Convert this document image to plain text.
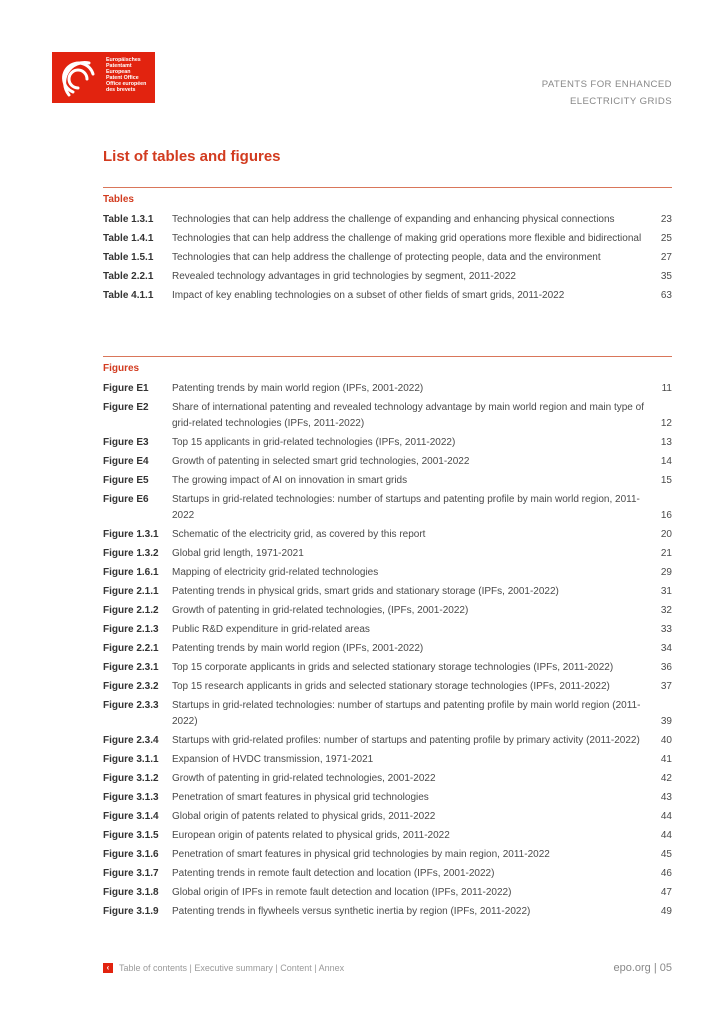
Europäisches
Patentamt
European
Patent Office
Office européen
des brevets
PATENTS FOR ENHANCED
ELECTRICITY GRIDS
List of tables and figures
Tables
Table 1.3.1	Technologies that can help address the challenge of expanding and enhancing physical connections	23
Table 1.4.1	Technologies that can help address the challenge of making grid operations more flexible and bidirectional	25
Table 1.5.1	Technologies that can help address the challenge of protecting people, data and the environment	27
Table 2.2.1	Revealed technology advantages in grid technologies by segment, 2011-2022	35
Table 4.1.1	Impact of key enabling technologies on a subset of other fields of smart grids, 2011-2022	63
Figures
Figure E1	Patenting trends by main world region (IPFs, 2001-2022)	11
Figure E2	Share of international patenting and revealed technology advantage by main world region and main type of grid-related technologies (IPFs, 2011-2022)	12
Figure E3	Top 15 applicants in grid-related technologies (IPFs, 2011-2022)	13
Figure E4	Growth of patenting in selected smart grid technologies, 2001-2022	14
Figure E5	The growing impact of AI on innovation in smart grids	15
Figure E6	Startups in grid-related technologies: number of startups and patenting profile by main world region, 2011-2022	16
Figure 1.3.1	Schematic of the electricity grid, as covered by this report	20
Figure 1.3.2	Global grid length, 1971-2021	21
Figure 1.6.1	Mapping of electricity grid-related technologies	29
Figure 2.1.1	Patenting trends in physical grids, smart grids and stationary storage (IPFs, 2001-2022)	31
Figure 2.1.2	Growth of patenting in grid-related technologies, (IPFs, 2001-2022)	32
Figure 2.1.3	Public R&D expenditure in grid-related areas	33
Figure 2.2.1	Patenting trends by main world region (IPFs, 2001-2022)	34
Figure 2.3.1	Top 15 corporate applicants in grids and selected stationary storage technologies (IPFs, 2011-2022)	36
Figure 2.3.2	Top 15 research applicants in grids and selected stationary storage technologies (IPFs, 2011-2022)	37
Figure 2.3.3	Startups in grid-related technologies: number of startups and patenting profile by main world region (2011-2022)	39
Figure 2.3.4	Startups with grid-related profiles: number of startups and patenting profile by primary activity (2011-2022)	40
Figure 3.1.1	Expansion of HVDC transmission, 1971-2021	41
Figure 3.1.2	Growth of patenting in grid-related technologies, 2001-2022	42
Figure 3.1.3	Penetration of smart features in physical grid technologies	43
Figure 3.1.4	Global origin of patents related to physical grids, 2011-2022	44
Figure 3.1.5	European origin of patents related to physical grids, 2011-2022	44
Figure 3.1.6	Penetration of smart features in physical grid technologies by main region, 2011-2022	45
Figure 3.1.7	Patenting trends in remote fault detection and location (IPFs, 2001-2022)	46
Figure 3.1.8	Global origin of IPFs in remote fault detection and location (IPFs, 2011-2022)	47
Figure 3.1.9	Patenting trends in flywheels versus synthetic inertia by region (IPFs, 2011-2022)	49
‹	Table of contents | Executive summary | Content | Annex	epo.org | 05
